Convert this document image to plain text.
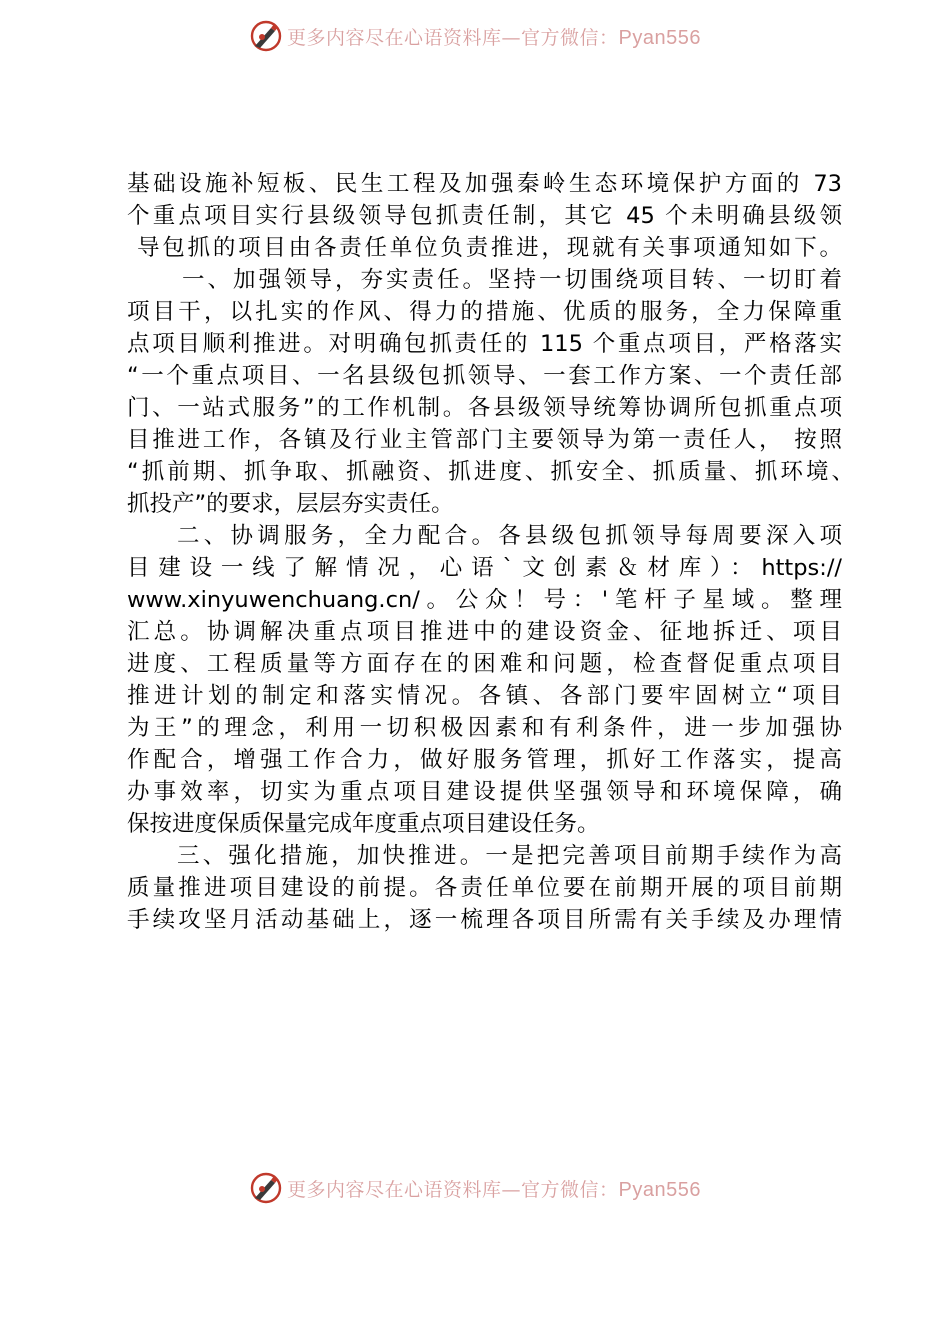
更多内容尽在心语资料库—官方微信：Pyan556
基础设施补短板、民生工程及加强秦岭生态环境保护方面的 73
个重点项目实行县级领导包抓责任制，其它 45 个未明确县级领
导包抓的项目由各责任单位负责推进，现就有关事项通知如下。
一、加强领导，夯实责任。坚持一切围绕项目转、一切盯着
项目干，以扎实的作风、得力的措施、优质的服务，全力保障重
点项目顺利推进。对明确包抓责任的 115 个重点项目，严格落实
“一个重点项目、一名县级包抓领导、一套工作方案、一个责任部
门、一站式服务”的工作机制。各县级领导统筹协调所包抓重点项
目推进工作，各镇及行业主管部门主要领导为第一责任人， 按照
“抓前期、抓争取、抓融资、抓进度、抓安全、抓质量、抓环境、
抓投产”的要求，层层夯实责任。
二、协调服务，全力配合。各县级包抓领导每周要深入项
目建设一线了解情况，心语`文创素＆材库）：https://
www.xinyuwenchuang.cn/。公众！号：'笔杆子星域。整理
汇总。协调解决重点项目推进中的建设资金、征地拆迁、项目
进度、工程质量等方面存在的困难和问题，检查督促重点项目
推进计划的制定和落实情况。各镇、各部门要牢固树立“项目
为王”的理念，利用一切积极因素和有利条件，进一步加强协
作配合，增强工作合力，做好服务管理，抓好工作落实，提高
办事效率，切实为重点项目建设提供坚强领导和环境保障，确
保按进度保质保量完成年度重点项目建设任务。
三、强化措施，加快推进。一是把完善项目前期手续作为高
质量推进项目建设的前提。各责任单位要在前期开展的项目前期
手续攻坚月活动基础上，逐一梳理各项目所需有关手续及办理情
更多内容尽在心语资料库—官方微信：Pyan556
